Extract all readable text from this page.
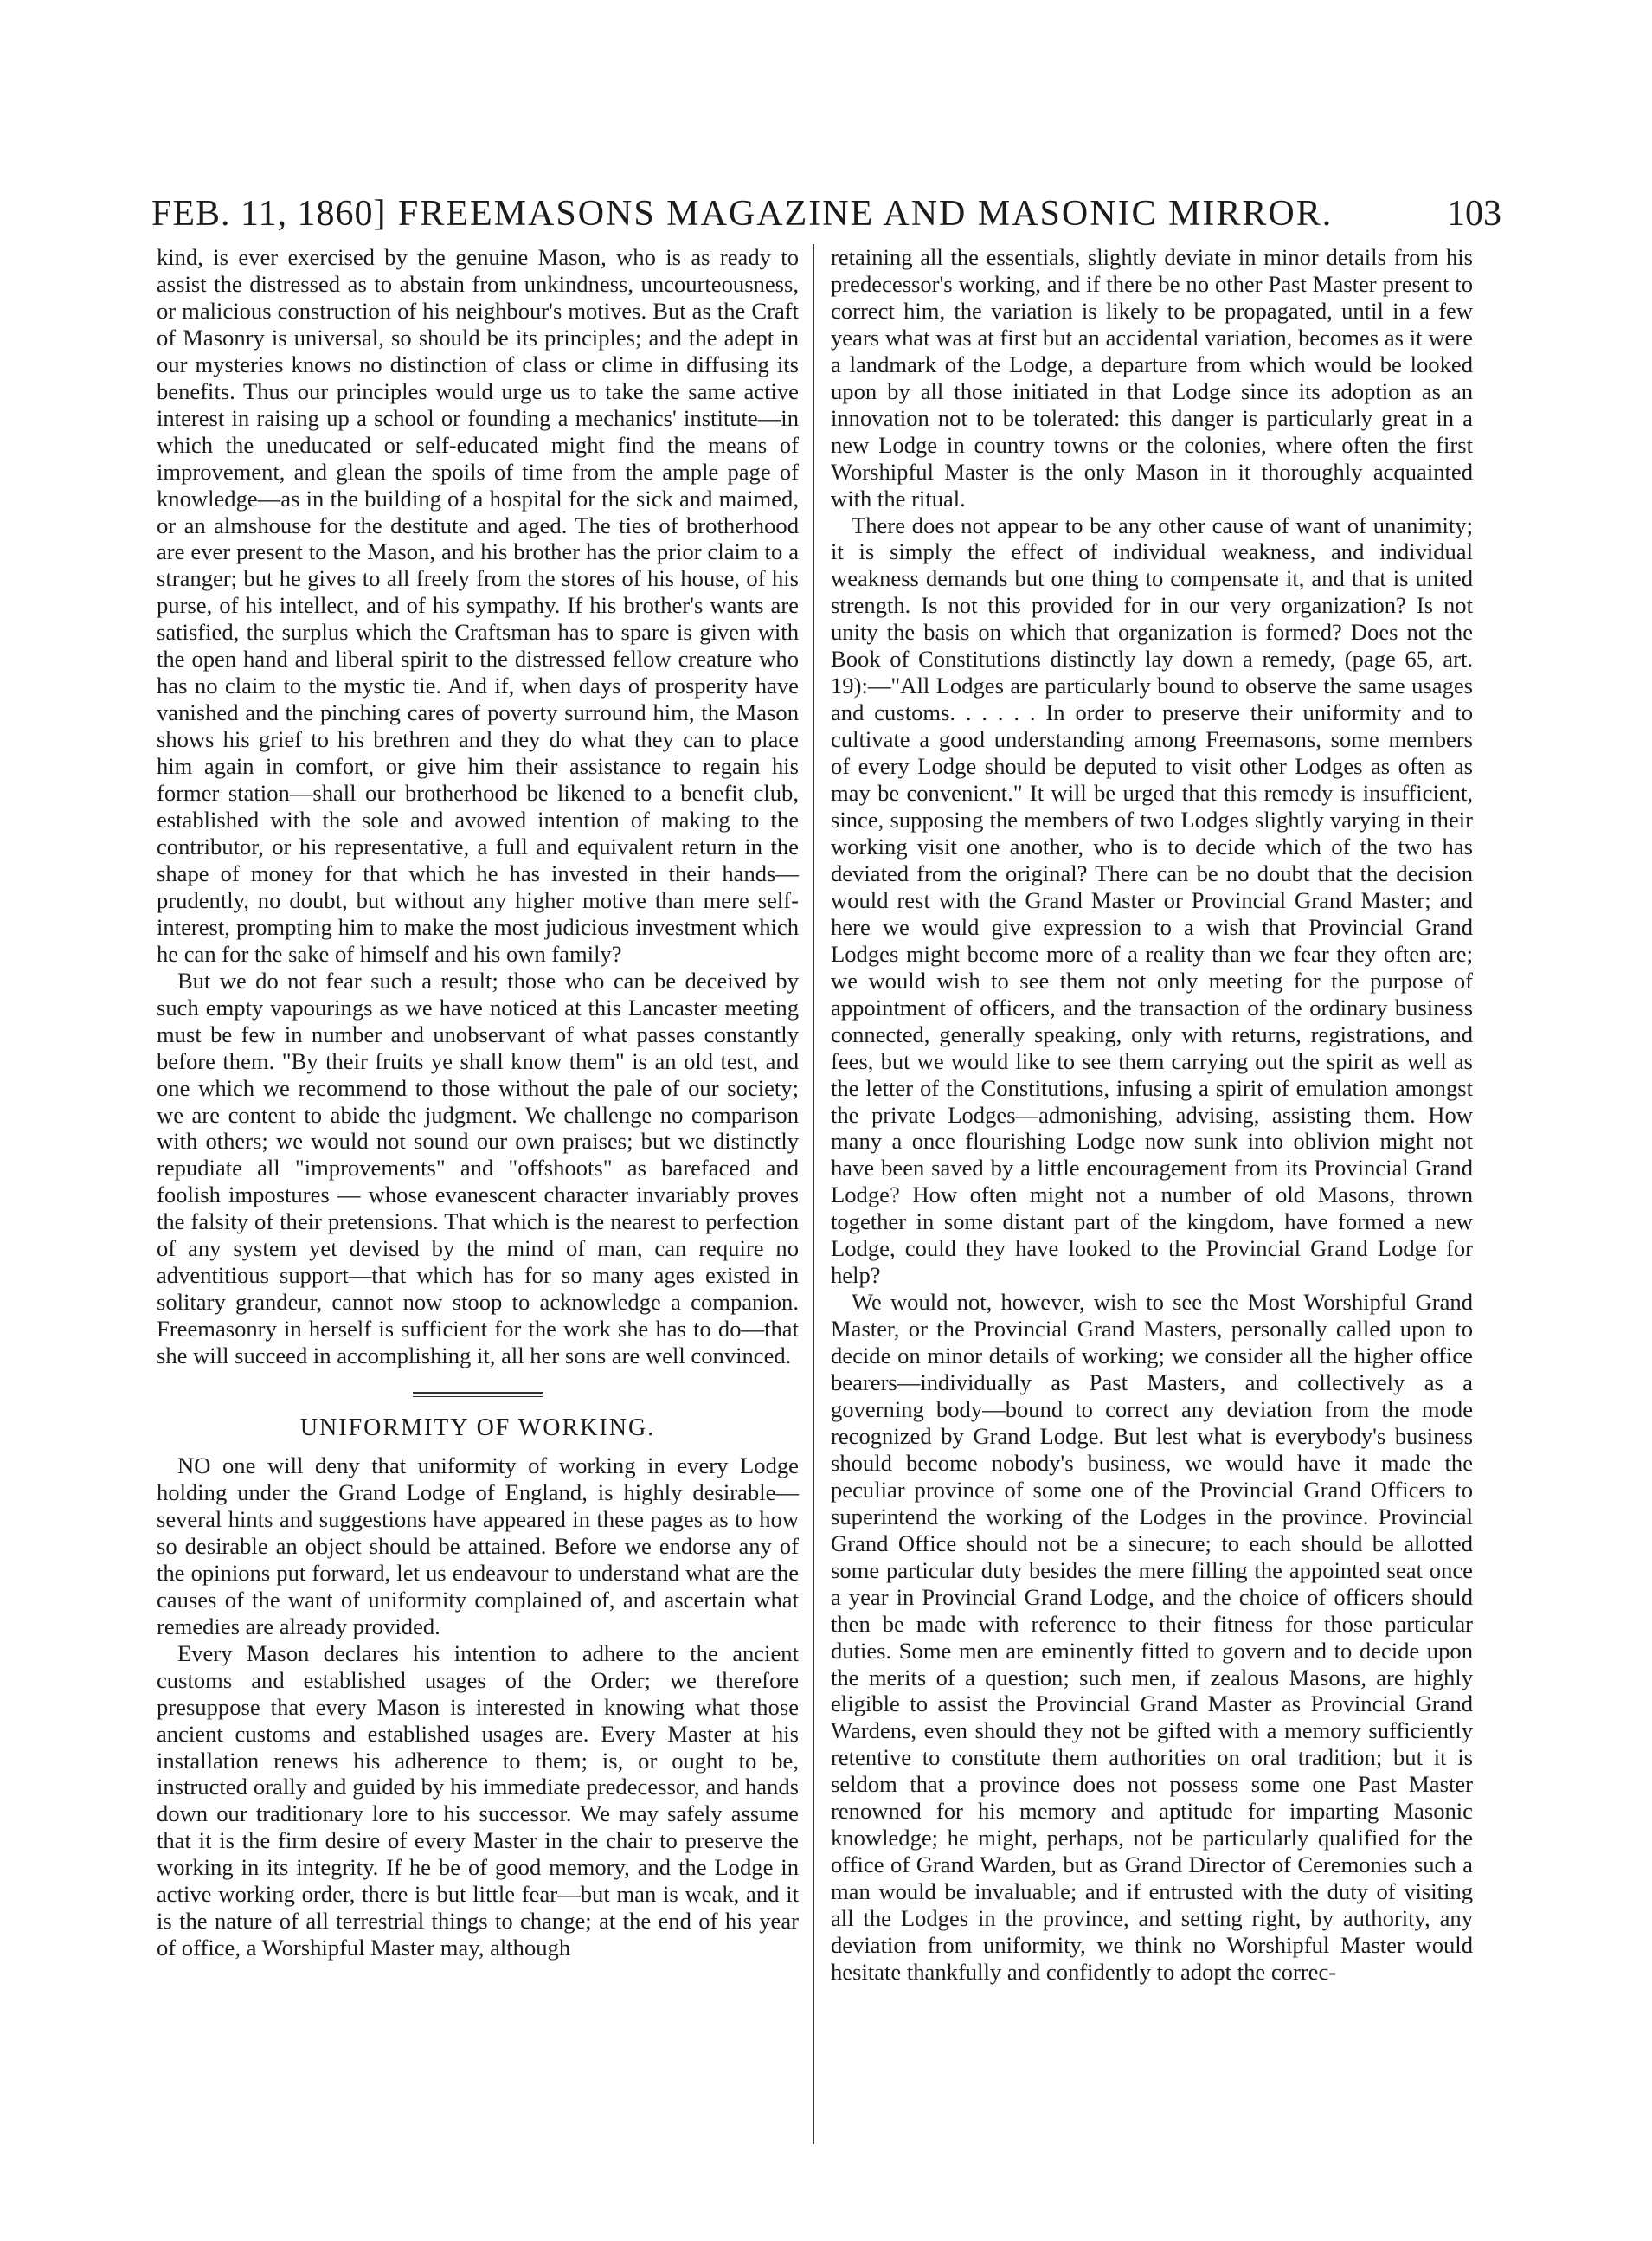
FEB. 11, 1860] FREEMASONS MAGAZINE AND MASONIC MIRROR.	103

kind, is ever exercised by the genuine Mason, who is as ready to assist the distressed as to abstain from unkindness, uncourteousness, or malicious construction of his neighbour's motives. But as the Craft of Masonry is universal, so should be its principles; and the adept in our mysteries knows no distinction of class or clime in diffusing its benefits. Thus our principles would urge us to take the same active interest in raising up a school or founding a mechanics' institute—in which the uneducated or self-educated might find the means of improvement, and glean the spoils of time from the ample page of knowledge—as in the building of a hospital for the sick and maimed, or an almshouse for the destitute and aged. The ties of brotherhood are ever present to the Mason, and his brother has the prior claim to a stranger; but he gives to all freely from the stores of his house, of his purse, of his intellect, and of his sympathy. If his brother's wants are satisfied, the surplus which the Craftsman has to spare is given with the open hand and liberal spirit to the distressed fellow creature who has no claim to the mystic tie. And if, when days of prosperity have vanished and the pinching cares of poverty surround him, the Mason shows his grief to his brethren and they do what they can to place him again in comfort, or give him their assistance to regain his former station—shall our brotherhood be likened to a benefit club, established with the sole and avowed intention of making to the contributor, or his representative, a full and equivalent return in the shape of money for that which he has invested in their hands—prudently, no doubt, but without any higher motive than mere self-interest, prompting him to make the most judicious investment which he can for the sake of himself and his own family?

But we do not fear such a result; those who can be deceived by such empty vapourings as we have noticed at this Lancaster meeting must be few in number and unobservant of what passes constantly before them. "By their fruits ye shall know them" is an old test, and one which we recommend to those without the pale of our society; we are content to abide the judgment. We challenge no comparison with others; we would not sound our own praises; but we distinctly repudiate all "improvements" and "offshoots" as barefaced and foolish impostures — whose evanescent character invariably proves the falsity of their pretensions. That which is the nearest to perfection of any system yet devised by the mind of man, can require no adventitious support—that which has for so many ages existed in solitary grandeur, cannot now stoop to acknowledge a companion. Freemasonry in herself is sufficient for the work she has to do—that she will succeed in accomplishing it, all her sons are well convinced.

UNIFORMITY OF WORKING.

NO one will deny that uniformity of working in every Lodge holding under the Grand Lodge of England, is highly desirable—several hints and suggestions have appeared in these pages as to how so desirable an object should be attained. Before we endorse any of the opinions put forward, let us endeavour to understand what are the causes of the want of uniformity complained of, and ascertain what remedies are already provided.

Every Mason declares his intention to adhere to the ancient customs and established usages of the Order; we therefore presuppose that every Mason is interested in knowing what those ancient customs and established usages are. Every Master at his installation renews his adherence to them; is, or ought to be, instructed orally and guided by his immediate predecessor, and hands down our traditionary lore to his successor. We may safely assume that it is the firm desire of every Master in the chair to preserve the working in its integrity. If he be of good memory, and the Lodge in active working order, there is but little fear—but man is weak, and it is the nature of all terrestrial things to change; at the end of his year of office, a Worshipful Master may, although

retaining all the essentials, slightly deviate in minor details from his predecessor's working, and if there be no other Past Master present to correct him, the variation is likely to be propagated, until in a few years what was at first but an accidental variation, becomes as it were a landmark of the Lodge, a departure from which would be looked upon by all those initiated in that Lodge since its adoption as an innovation not to be tolerated: this danger is particularly great in a new Lodge in country towns or the colonies, where often the first Worshipful Master is the only Mason in it thoroughly acquainted with the ritual.

There does not appear to be any other cause of want of unanimity; it is simply the effect of individual weakness, and individual weakness demands but one thing to compensate it, and that is united strength. Is not this provided for in our very organization? Is not unity the basis on which that organization is formed? Does not the Book of Constitutions distinctly lay down a remedy, (page 65, art. 19):—"All Lodges are particularly bound to observe the same usages and customs. . . . . . In order to preserve their uniformity and to cultivate a good understanding among Freemasons, some members of every Lodge should be deputed to visit other Lodges as often as may be convenient." It will be urged that this remedy is insufficient, since, supposing the members of two Lodges slightly varying in their working visit one another, who is to decide which of the two has deviated from the original? There can be no doubt that the decision would rest with the Grand Master or Provincial Grand Master; and here we would give expression to a wish that Provincial Grand Lodges might become more of a reality than we fear they often are; we would wish to see them not only meeting for the purpose of appointment of officers, and the transaction of the ordinary business connected, generally speaking, only with returns, registrations, and fees, but we would like to see them carrying out the spirit as well as the letter of the Constitutions, infusing a spirit of emulation amongst the private Lodges—admonishing, advising, assisting them. How many a once flourishing Lodge now sunk into oblivion might not have been saved by a little encouragement from its Provincial Grand Lodge? How often might not a number of old Masons, thrown together in some distant part of the kingdom, have formed a new Lodge, could they have looked to the Provincial Grand Lodge for help?

We would not, however, wish to see the Most Worshipful Grand Master, or the Provincial Grand Masters, personally called upon to decide on minor details of working; we consider all the higher office bearers—individually as Past Masters, and collectively as a governing body—bound to correct any deviation from the mode recognized by Grand Lodge. But lest what is everybody's business should become nobody's business, we would have it made the peculiar province of some one of the Provincial Grand Officers to superintend the working of the Lodges in the province. Provincial Grand Office should not be a sinecure; to each should be allotted some particular duty besides the mere filling the appointed seat once a year in Provincial Grand Lodge, and the choice of officers should then be made with reference to their fitness for those particular duties. Some men are eminently fitted to govern and to decide upon the merits of a question; such men, if zealous Masons, are highly eligible to assist the Provincial Grand Master as Provincial Grand Wardens, even should they not be gifted with a memory sufficiently retentive to constitute them authorities on oral tradition; but it is seldom that a province does not possess some one Past Master renowned for his memory and aptitude for imparting Masonic knowledge; he might, perhaps, not be particularly qualified for the office of Grand Warden, but as Grand Director of Ceremonies such a man would be invaluable; and if entrusted with the duty of visiting all the Lodges in the province, and setting right, by authority, any deviation from uniformity, we think no Worshipful Master would hesitate thankfully and confidently to adopt the correc-
